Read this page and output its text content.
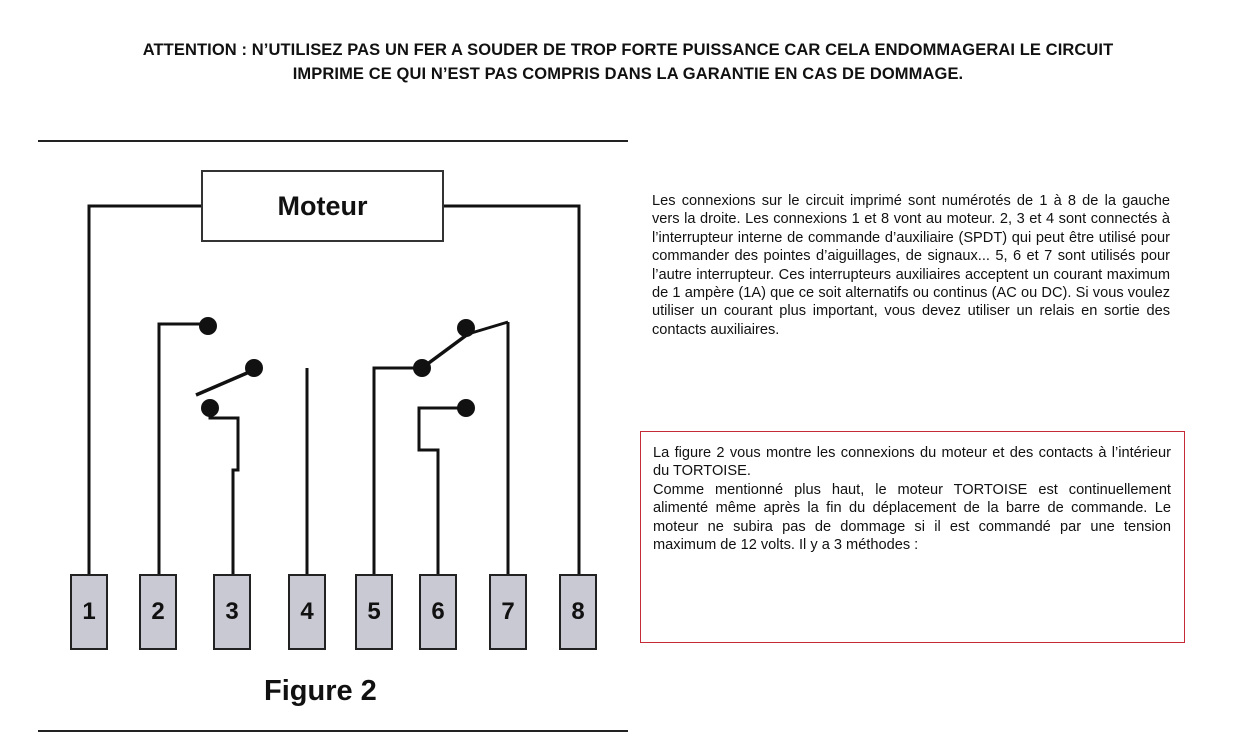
ATTENTION : N’UTILISEZ PAS UN FER A SOUDER DE TROP FORTE PUISSANCE CAR CELA ENDOMMAGERAI LE CIRCUIT IMPRIME CE QUI N’EST PAS COMPRIS DANS LA GARANTIE EN CAS DE DOMMAGE.
Moteur
1	2	3	4	5	6	7	8
Figure 2
Les connexions sur le circuit imprimé sont numérotés de 1 à 8 de la gauche vers la droite. Les connexions 1 et 8 vont au moteur. 2, 3 et 4 sont connectés à l’interrupteur interne de commande d’auxiliaire (SPDT) qui peut être utilisé pour commander des pointes d’aiguillages, de signaux... 5, 6 et 7 sont utilisés pour l’autre interrupteur. Ces interrupteurs auxiliaires acceptent un courant maximum de 1 ampère (1A) que ce soit alternatifs ou continus (AC ou DC). Si vous voulez utiliser un courant plus important, vous devez utiliser un relais en sortie des contacts auxiliaires.

La figure 2 vous montre les connexions du moteur et des contacts à l’intérieur du TORTOISE.

Comme mentionné plus haut, le moteur TORTOISE est continuellement alimenté même après la fin du déplacement de la barre de commande. Le moteur ne subira pas de dommage si il est commandé par une tension maximum de 12 volts. Il y a 3 méthodes :
